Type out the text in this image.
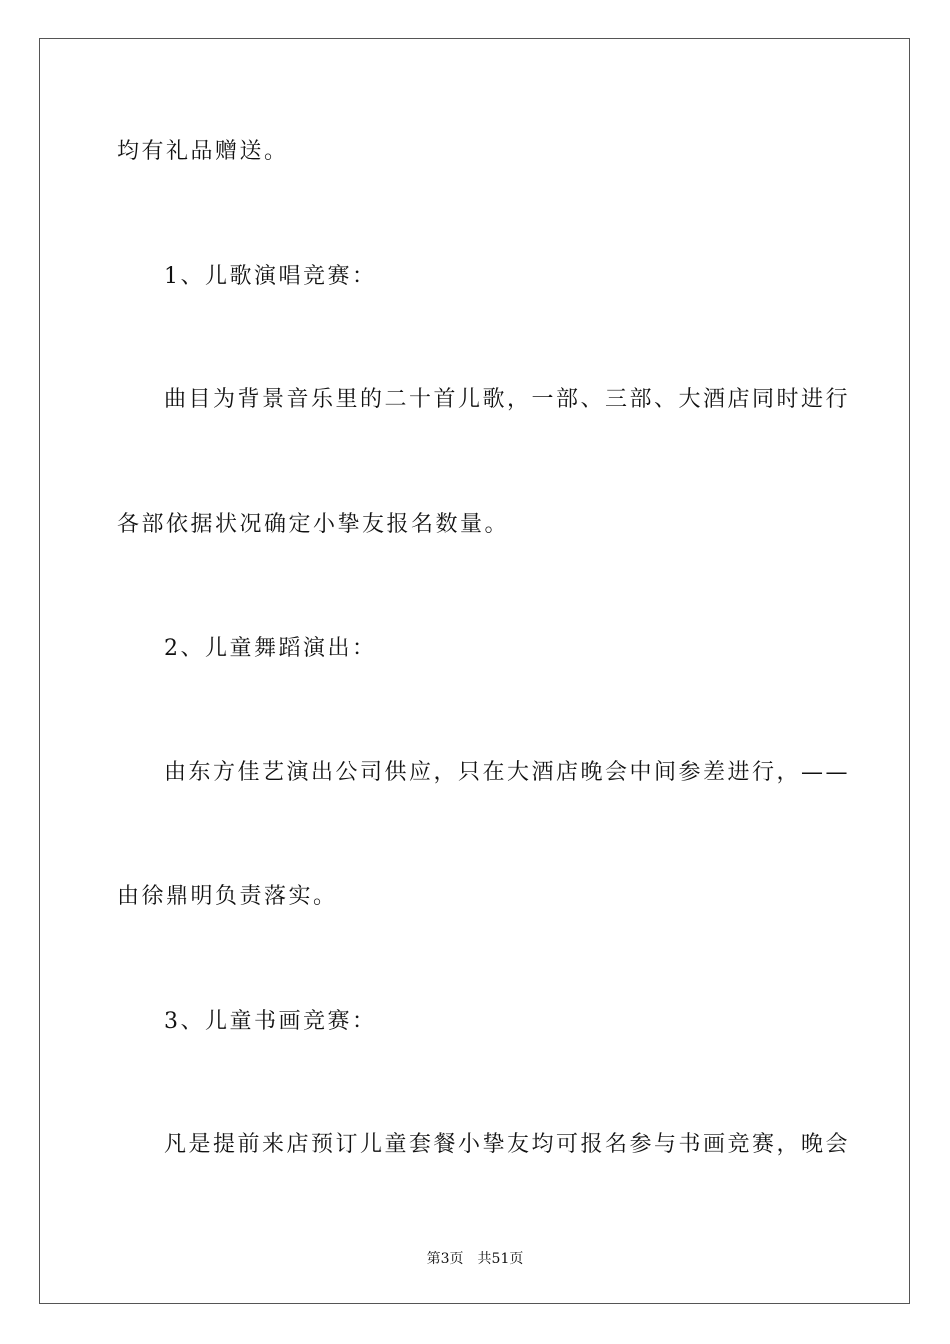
均有礼品赠送。
1、儿歌演唱竞赛：
曲目为背景音乐里的二十首儿歌，一部、三部、大酒店同时进行
各部依据状况确定小挚友报名数量。
2、儿童舞蹈演出：
由东方佳艺演出公司供应，只在大酒店晚会中间参差进行，——
由徐鼎明负责落实。
3、儿童书画竞赛：
凡是提前来店预订儿童套餐小挚友均可报名参与书画竞赛，晚会
第3页 共51页
